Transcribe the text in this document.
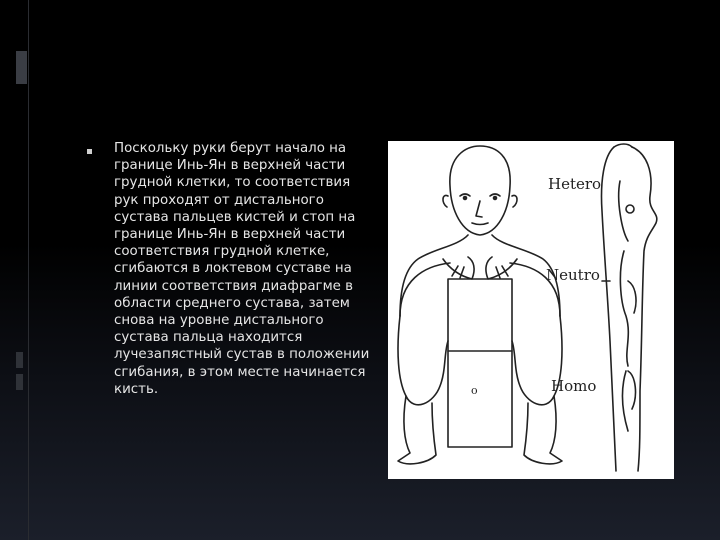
Поскольку руки берут начало на границе Инь-Ян в верхней части грудной клетки, то соответствия рук проходят от дистального сустава пальцев кистей и стоп на границе Инь-Ян в верхней части соответствия грудной клетке, сгибаются в локтевом суставе на линии соответствия диафрагме в области среднего сустава, затем снова на уровне дистального сустава пальца находится лучезапястный сустав в положении сгибания, в этом месте начинается кисть.

Hetero
Neutro
Homo
o
